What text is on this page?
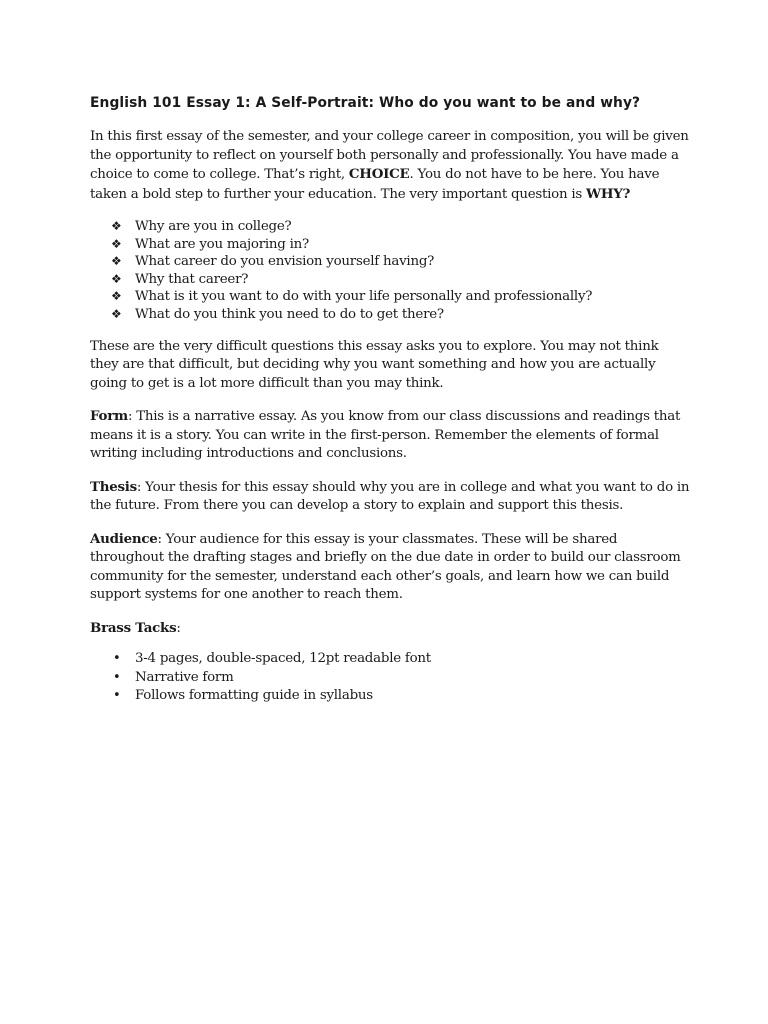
English 101 Essay 1: A Self-Portrait: Who do you want to be and why?

In this first essay of the semester, and your college career in composition, you will be given the opportunity to reflect on yourself both personally and professionally. You have made a choice to come to college. That’s right, CHOICE. You do not have to be here. You have taken a bold step to further your education. The very important question is WHY?

❖ Why are you in college?
❖ What are you majoring in?
❖ What career do you envision yourself having?
❖ Why that career?
❖ What is it you want to do with your life personally and professionally?
❖ What do you think you need to do to get there?

These are the very difficult questions this essay asks you to explore. You may not think they are that difficult, but deciding why you want something and how you are actually going to get is a lot more difficult than you may think.

Form: This is a narrative essay. As you know from our class discussions and readings that means it is a story. You can write in the first-person. Remember the elements of formal writing including introductions and conclusions.

Thesis: Your thesis for this essay should why you are in college and what you want to do in the future. From there you can develop a story to explain and support this thesis.

Audience: Your audience for this essay is your classmates. These will be shared throughout the drafting stages and briefly on the due date in order to build our classroom community for the semester, understand each other’s goals, and learn how we can build support systems for one another to reach them.

Brass Tacks:

• 3-4 pages, double-spaced, 12pt readable font
• Narrative form
• Follows formatting guide in syllabus
